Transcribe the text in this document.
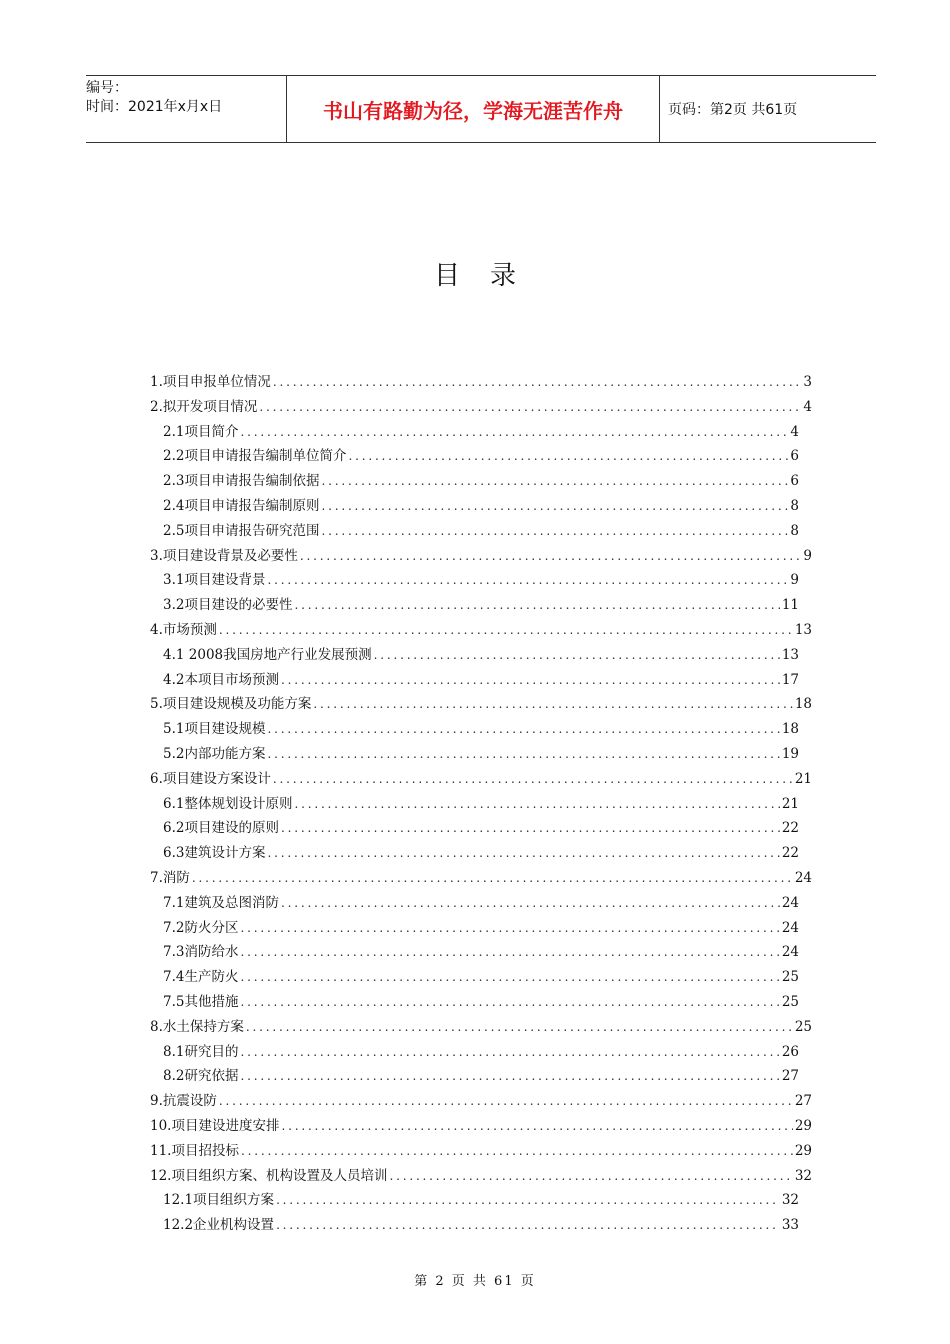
编号：
时间：2021年x月x日	书山有路勤为径，学海无涯苦作舟	页码：第2页 共61页
目录
1.项目申报单位情况 .....	3
2.拟开发项目情况 .....	4
2.1项目简介 .....	4
2.2项目申请报告编制单位简介 .....	6
2.3项目申请报告编制依据 .....	6
2.4项目申请报告编制原则 .....	8
2.5项目申请报告研究范围 .....	8
3.项目建设背景及必要性 .....	9
3.1项目建设背景 .....	9
3.2项目建设的必要性 .....	11
4.市场预测 .....	13
4.1 2008我国房地产行业发展预测 .....	13
4.2本项目市场预测 .....	17
5.项目建设规模及功能方案 .....	18
5.1项目建设规模 .....	18
5.2内部功能方案 .....	19
6.项目建设方案设计 .....	21
6.1整体规划设计原则 .....	21
6.2项目建设的原则 .....	22
6.3建筑设计方案 .....	22
7.消防 .....	24
7.1建筑及总图消防 .....	24
7.2防火分区 .....	24
7.3消防给水 .....	24
7.4生产防火 .....	25
7.5其他措施 .....	25
8.水土保持方案 .....	25
8.1研究目的 .....	26
8.2研究依据 .....	27
9.抗震设防 .....	27
10.项目建设进度安排 .....	29
11.项目招投标 .....	29
12.项目组织方案、机构设置及人员培训 .....	32
12.1项目组织方案 .....	32
12.2企业机构设置 .....	33
第 2 页 共 61 页
